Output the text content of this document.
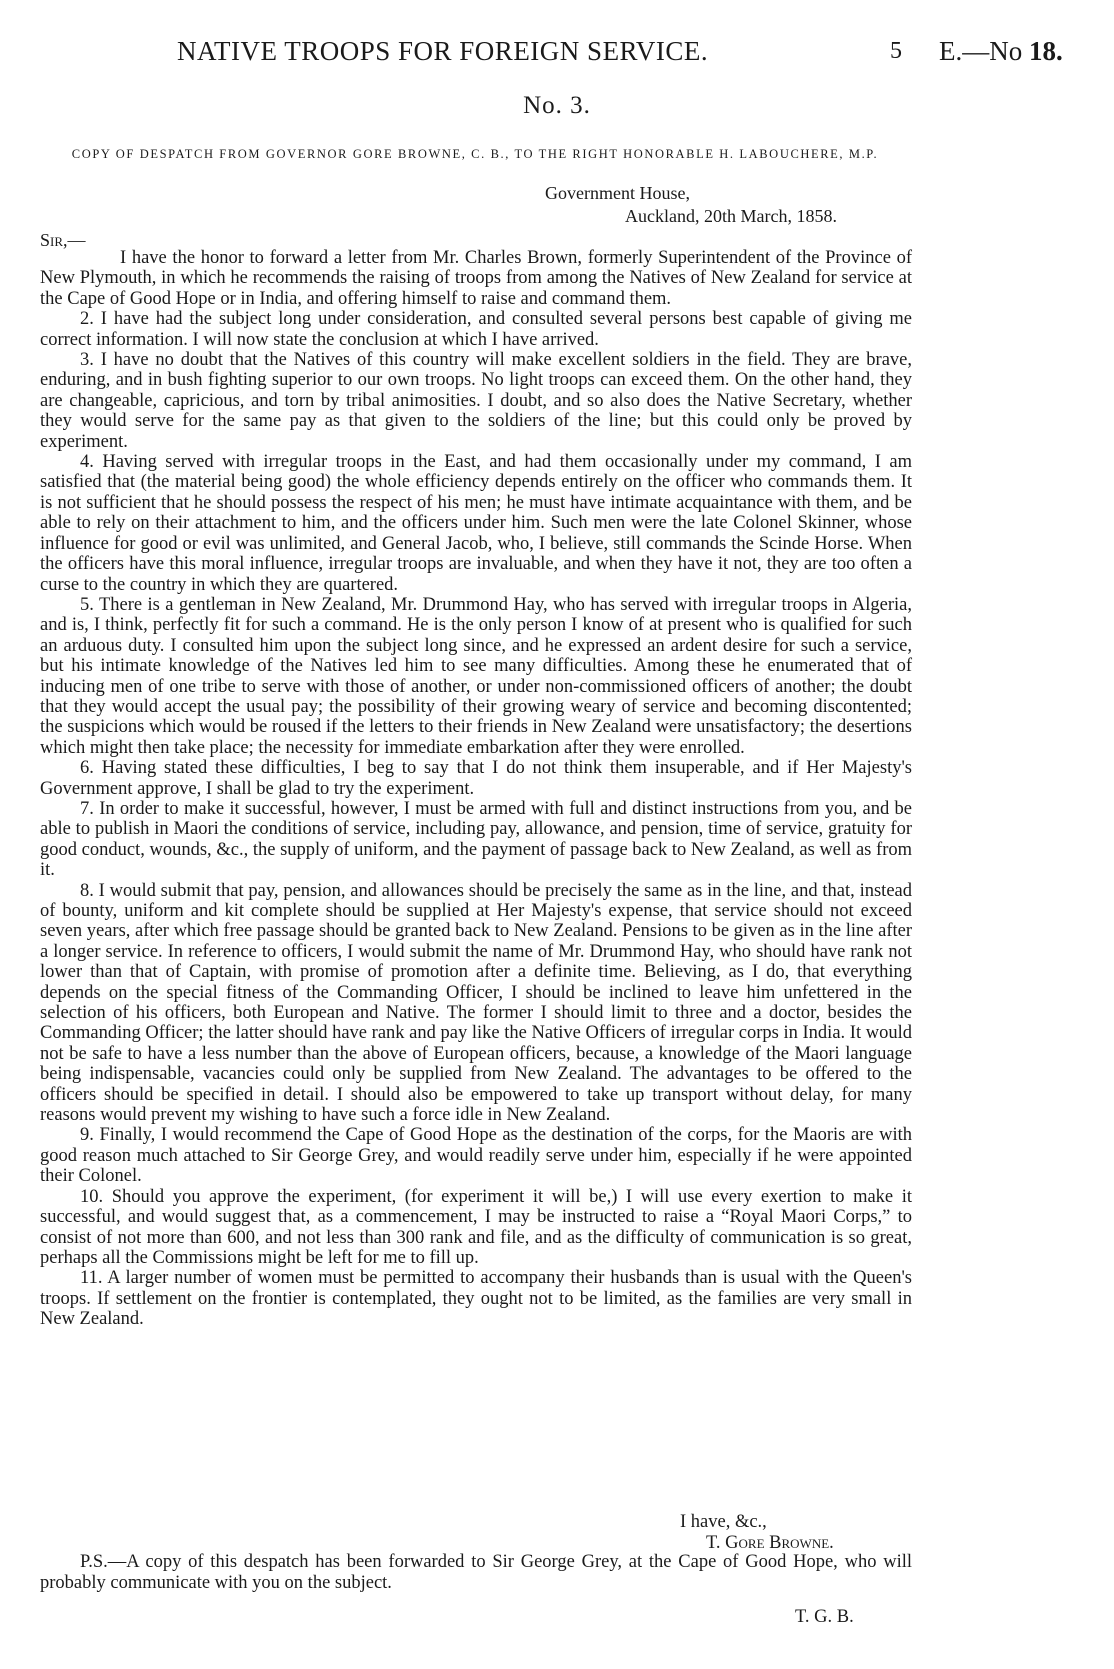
NATIVE TROOPS FOR FOREIGN SERVICE.	5 E.—No 18.
No. 3.
COPY OF DESPATCH FROM GOVERNOR GORE BROWNE, C. B., TO THE RIGHT HONORABLE H. LABOUCHERE, M.P.
Government House,
Auckland, 20th March, 1858.
Sir,—

I have the honor to forward a letter from Mr. Charles Brown, formerly Superintendent of the Province of New Plymouth, in which he recommends the raising of troops from among the Natives of New Zealand for service at the Cape of Good Hope or in India, and offering himself to raise and command them.

2. I have had the subject long under consideration, and consulted several persons best capable of giving me correct information. I will now state the conclusion at which I have arrived.

3. I have no doubt that the Natives of this country will make excellent soldiers in the field. They are brave, enduring, and in bush fighting superior to our own troops. No light troops can exceed them. On the other hand, they are changeable, capricious, and torn by tribal animosities. I doubt, and so also does the Native Secretary, whether they would serve for the same pay as that given to the soldiers of the line; but this could only be proved by experiment.

4. Having served with irregular troops in the East, and had them occasionally under my command, I am satisfied that (the material being good) the whole efficiency depends entirely on the officer who commands them. It is not sufficient that he should possess the respect of his men; he must have intimate acquaintance with them, and be able to rely on their attachment to him, and the officers under him. Such men were the late Colonel Skinner, whose influence for good or evil was unlimited, and General Jacob, who, I believe, still commands the Scinde Horse. When the officers have this moral influence, irregular troops are invaluable, and when they have it not, they are too often a curse to the country in which they are quartered.

5. There is a gentleman in New Zealand, Mr. Drummond Hay, who has served with irregular troops in Algeria, and is, I think, perfectly fit for such a command. He is the only person I know of at present who is qualified for such an arduous duty. I consulted him upon the subject long since, and he expressed an ardent desire for such a service, but his intimate knowledge of the Natives led him to see many difficulties. Among these he enumerated that of inducing men of one tribe to serve with those of another, or under non-commissioned officers of another; the doubt that they would accept the usual pay; the possibility of their growing weary of service and becoming discontented; the suspicions which would be roused if the letters to their friends in New Zealand were unsatisfactory; the desertions which might then take place; the necessity for immediate embarkation after they were enrolled.

6. Having stated these difficulties, I beg to say that I do not think them insuperable, and if Her Majesty's Government approve, I shall be glad to try the experiment.

7. In order to make it successful, however, I must be armed with full and distinct instructions from you, and be able to publish in Maori the conditions of service, including pay, allowance, and pension, time of service, gratuity for good conduct, wounds, &c., the supply of uniform, and the payment of passage back to New Zealand, as well as from it.

8. I would submit that pay, pension, and allowances should be precisely the same as in the line, and that, instead of bounty, uniform and kit complete should be supplied at Her Majesty's expense, that service should not exceed seven years, after which free passage should be granted back to New Zealand. Pensions to be given as in the line after a longer service. In reference to officers, I would submit the name of Mr. Drummond Hay, who should have rank not lower than that of Captain, with promise of promotion after a definite time. Believing, as I do, that everything depends on the special fitness of the Commanding Officer, I should be inclined to leave him unfettered in the selection of his officers, both European and Native. The former I should limit to three and a doctor, besides the Commanding Officer; the latter should have rank and pay like the Native Officers of irregular corps in India. It would not be safe to have a less number than the above of European officers, because, a knowledge of the Maori language being indispensable, vacancies could only be supplied from New Zealand. The advantages to be offered to the officers should be specified in detail. I should also be empowered to take up transport without delay, for many reasons would prevent my wishing to have such a force idle in New Zealand.

9. Finally, I would recommend the Cape of Good Hope as the destination of the corps, for the Maoris are with good reason much attached to Sir George Grey, and would readily serve under him, especially if he were appointed their Colonel.

10. Should you approve the experiment, (for experiment it will be,) I will use every exertion to make it successful, and would suggest that, as a commencement, I may be instructed to raise a “Royal Maori Corps,” to consist of not more than 600, and not less than 300 rank and file, and as the difficulty of communication is so great, perhaps all the Commissions might be left for me to fill up.

11. A larger number of women must be permitted to accompany their husbands than is usual with the Queen's troops. If settlement on the frontier is contemplated, they ought not to be limited, as the families are very small in New Zealand.

I have, &c.,
T. Gore Browne.

P.S.—A copy of this despatch has been forwarded to Sir George Grey, at the Cape of Good Hope, who will probably communicate with you on the subject.

T. G. B.
